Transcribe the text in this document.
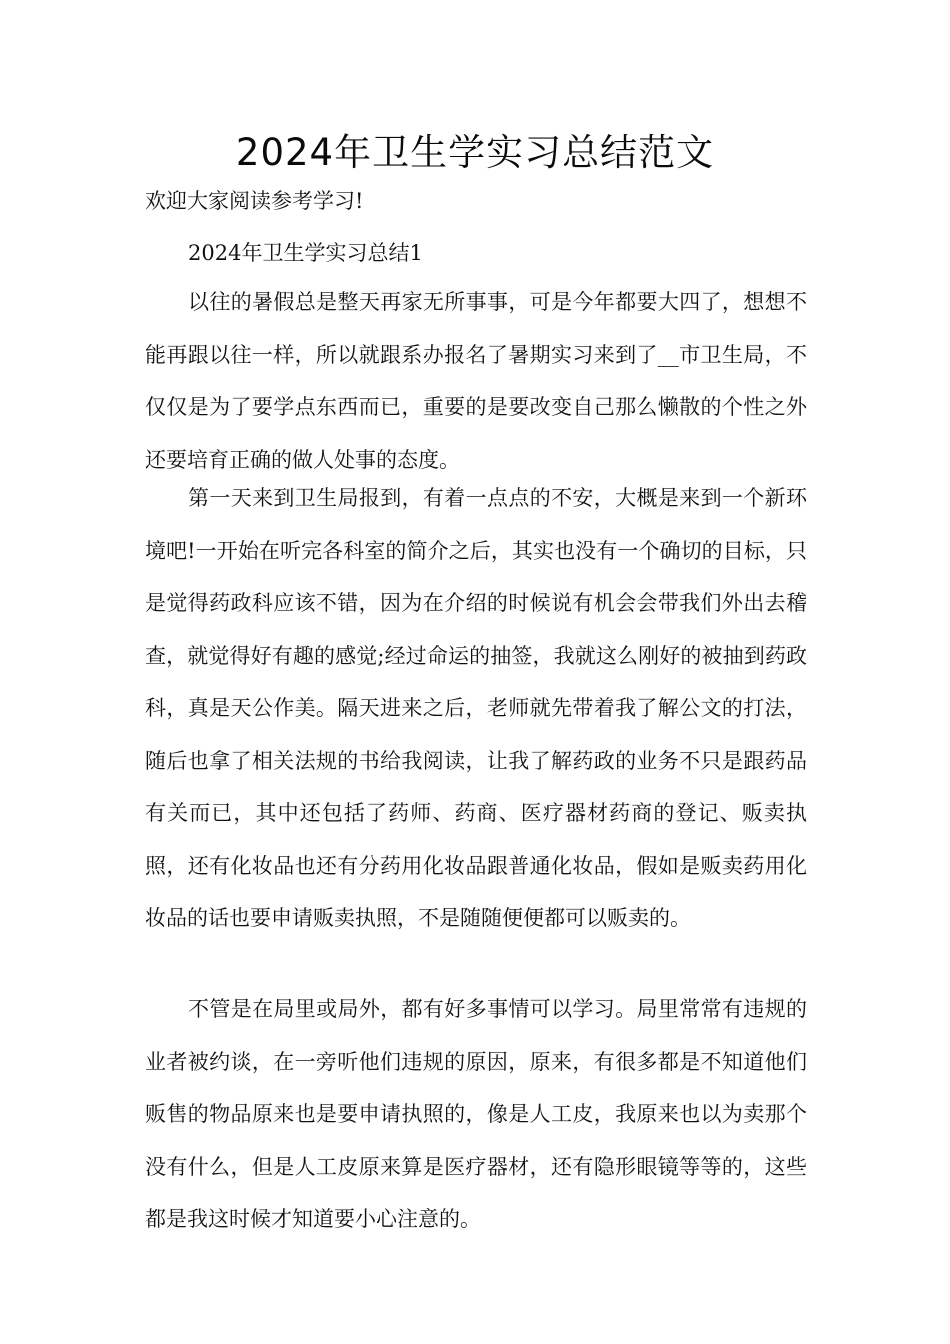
2024年卫生学实习总结范文

欢迎大家阅读参考学习!

2024年卫生学实习总结1

以往的暑假总是整天再家无所事事，可是今年都要大四了，想想不能再跟以往一样，所以就跟系办报名了暑期实习来到了__市卫生局，不仅仅是为了要学点东西而已，重要的是要改变自己那么懒散的个性之外还要培育正确的做人处事的态度。

第一天来到卫生局报到，有着一点点的不安，大概是来到一个新环境吧!一开始在听完各科室的简介之后，其实也没有一个确切的目标，只是觉得药政科应该不错，因为在介绍的时候说有机会会带我们外出去稽查，就觉得好有趣的感觉;经过命运的抽签，我就这么刚好的被抽到药政科，真是天公作美。隔天进来之后，老师就先带着我了解公文的打法，随后也拿了相关法规的书给我阅读，让我了解药政的业务不只是跟药品有关而已，其中还包括了药师、药商、医疗器材药商的登记、贩卖执照，还有化妆品也还有分药用化妆品跟普通化妆品，假如是贩卖药用化妆品的话也要申请贩卖执照，不是随随便便都可以贩卖的。

不管是在局里或局外，都有好多事情可以学习。局里常常有违规的业者被约谈，在一旁听他们违规的原因，原来，有很多都是不知道他们贩售的物品原来也是要申请执照的，像是人工皮，我原来也以为卖那个没有什么，但是人工皮原来算是医疗器材，还有隐形眼镜等等的，这些都是我这时候才知道要小心注意的。
